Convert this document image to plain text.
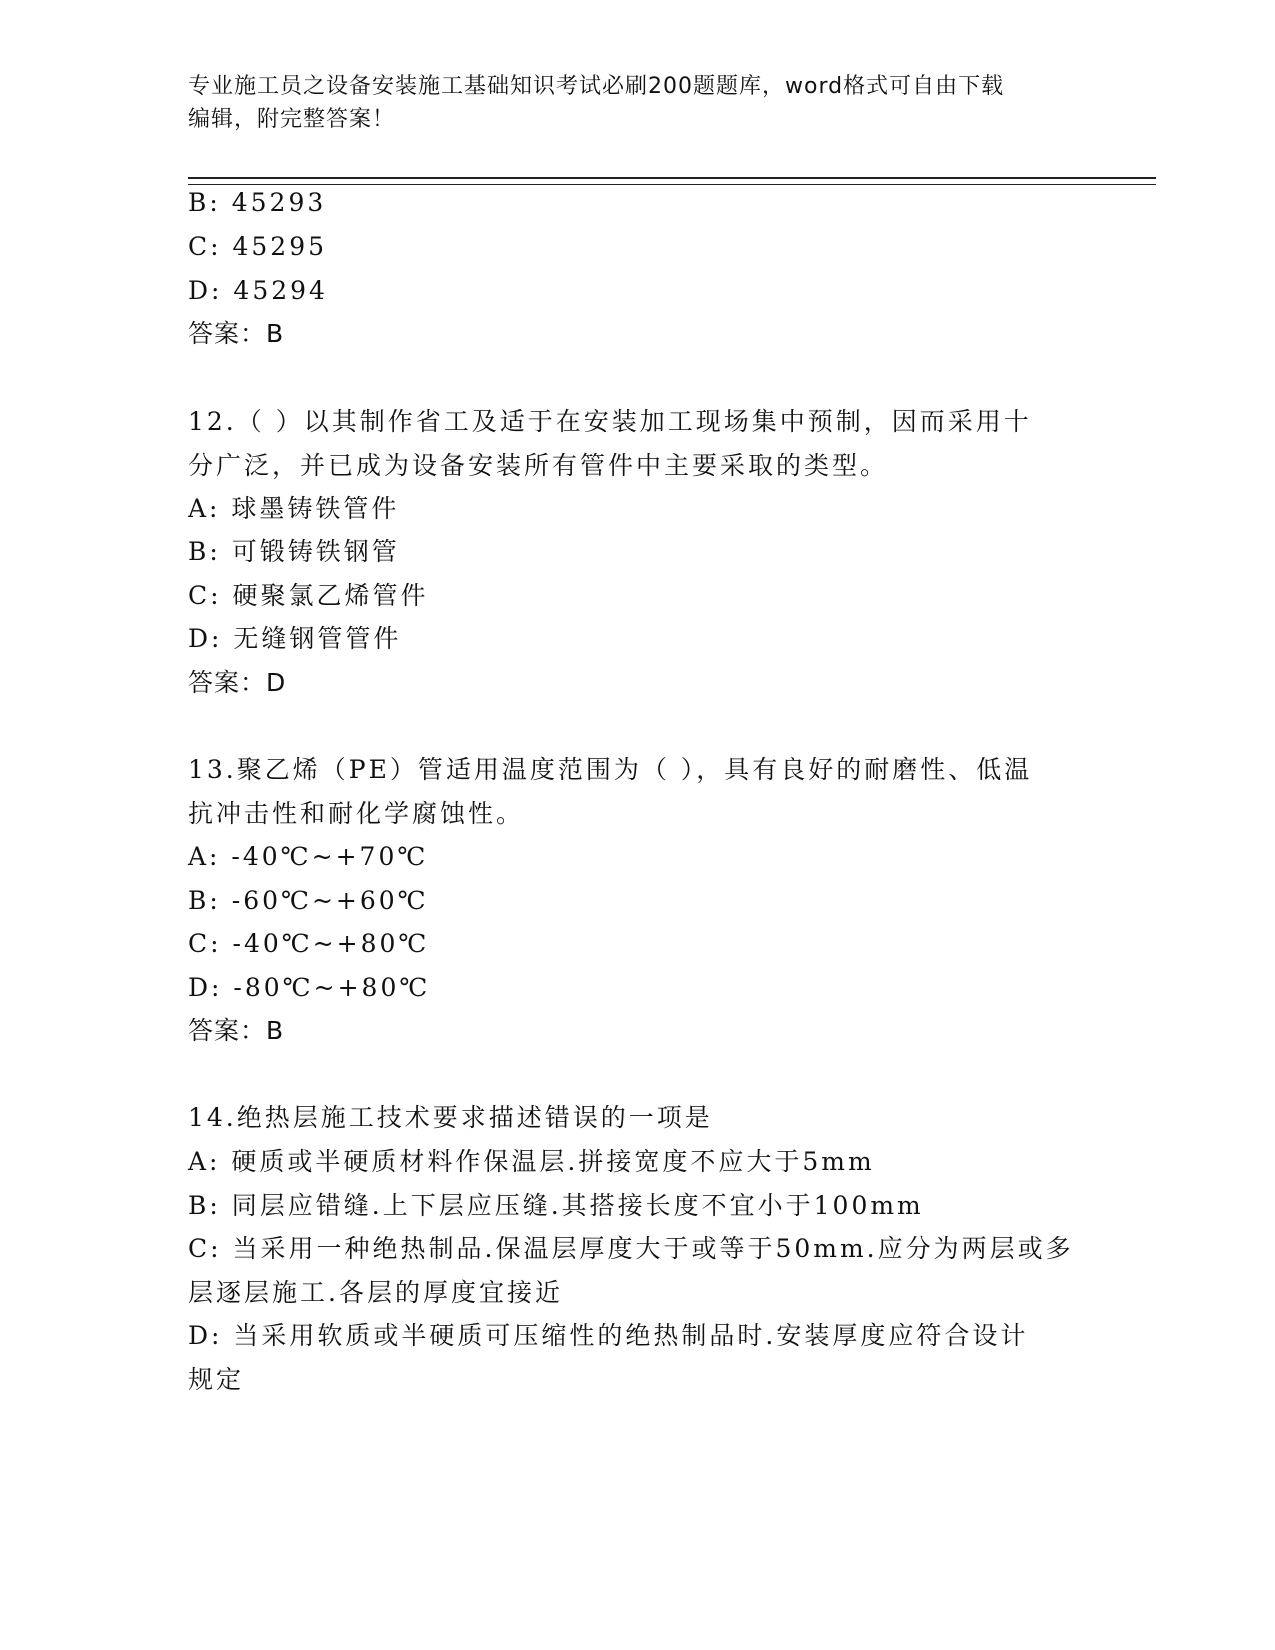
专业施工员之设备安装施工基础知识考试必刷200题题库，word格式可自由下载
编辑，附完整答案！
B: 45293
C: 45295
D: 45294
答案：B
12.（ ）以其制作省工及适于在安装加工现场集中预制，因而采用十
分广泛，并已成为设备安装所有管件中主要采取的类型。
A: 球墨铸铁管件
B: 可锻铸铁钢管
C: 硬聚氯乙烯管件
D: 无缝钢管管件
答案：D
13.聚乙烯（PE）管适用温度范围为（ ），具有良好的耐磨性、低温
抗冲击性和耐化学腐蚀性。
A: -40℃~+70℃
B: -60℃~+60℃
C: -40℃~+80℃
D: -80℃~+80℃
答案：B
14.绝热层施工技术要求描述错误的一项是
A: 硬质或半硬质材料作保温层.拼接宽度不应大于5mm
B: 同层应错缝.上下层应压缝.其搭接长度不宜小于100mm
C: 当采用一种绝热制品.保温层厚度大于或等于50mm.应分为两层或多
层逐层施工.各层的厚度宜接近
D: 当采用软质或半硬质可压缩性的绝热制品时.安装厚度应符合设计
规定
